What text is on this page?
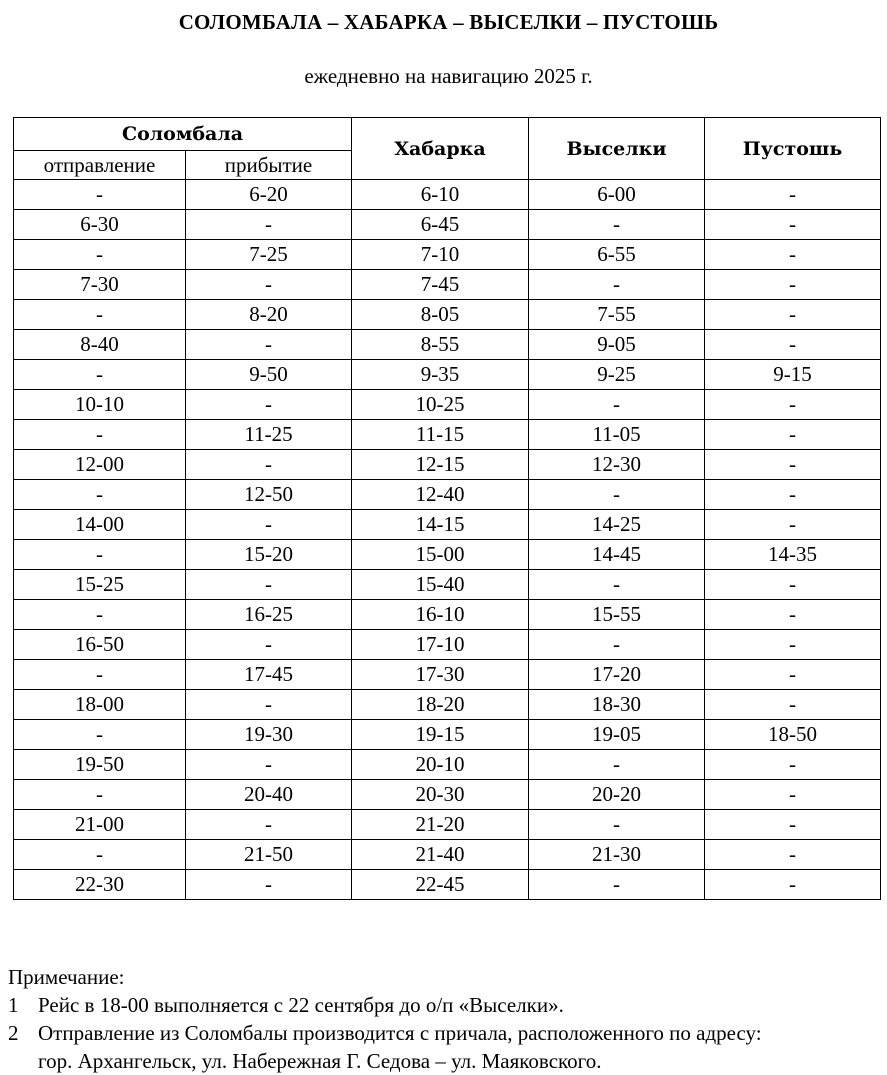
СОЛОМБАЛА – ХАБАРКА – ВЫСЕЛКИ – ПУСТОШЬ
ежедневно на навигацию 2025 г.
Соломбала		Хабарка	Выселки	Пустошь
отправление	прибытие			
-	6-20	6-10	6-00	-
6-30	-	6-45	-	-
-	7-25	7-10	6-55	-
7-30	-	7-45	-	-
-	8-20	8-05	7-55	-
8-40	-	8-55	9-05	-
-	9-50	9-35	9-25	9-15
10-10	-	10-25	-	-
-	11-25	11-15	11-05	-
12-00	-	12-15	12-30	-
-	12-50	12-40	-	-
14-00	-	14-15	14-25	-
-	15-20	15-00	14-45	14-35
15-25	-	15-40	-	-
-	16-25	16-10	15-55	-
16-50	-	17-10	-	-
-	17-45	17-30	17-20	-
18-00	-	18-20	18-30	-
-	19-30	19-15	19-05	18-50
19-50	-	20-10	-	-
-	20-40	20-30	20-20	-
21-00	-	21-20	-	-
-	21-50	21-40	21-30	-
22-30	-	22-45	-	-
Примечание:
1 Рейс в 18-00 выполняется с 22 сентября до о/п «Выселки».
2 Отправление из Соломбалы производится с причала, расположенного по адресу:
гор. Архангельск, ул. Набережная Г. Седова – ул. Маяковского.
